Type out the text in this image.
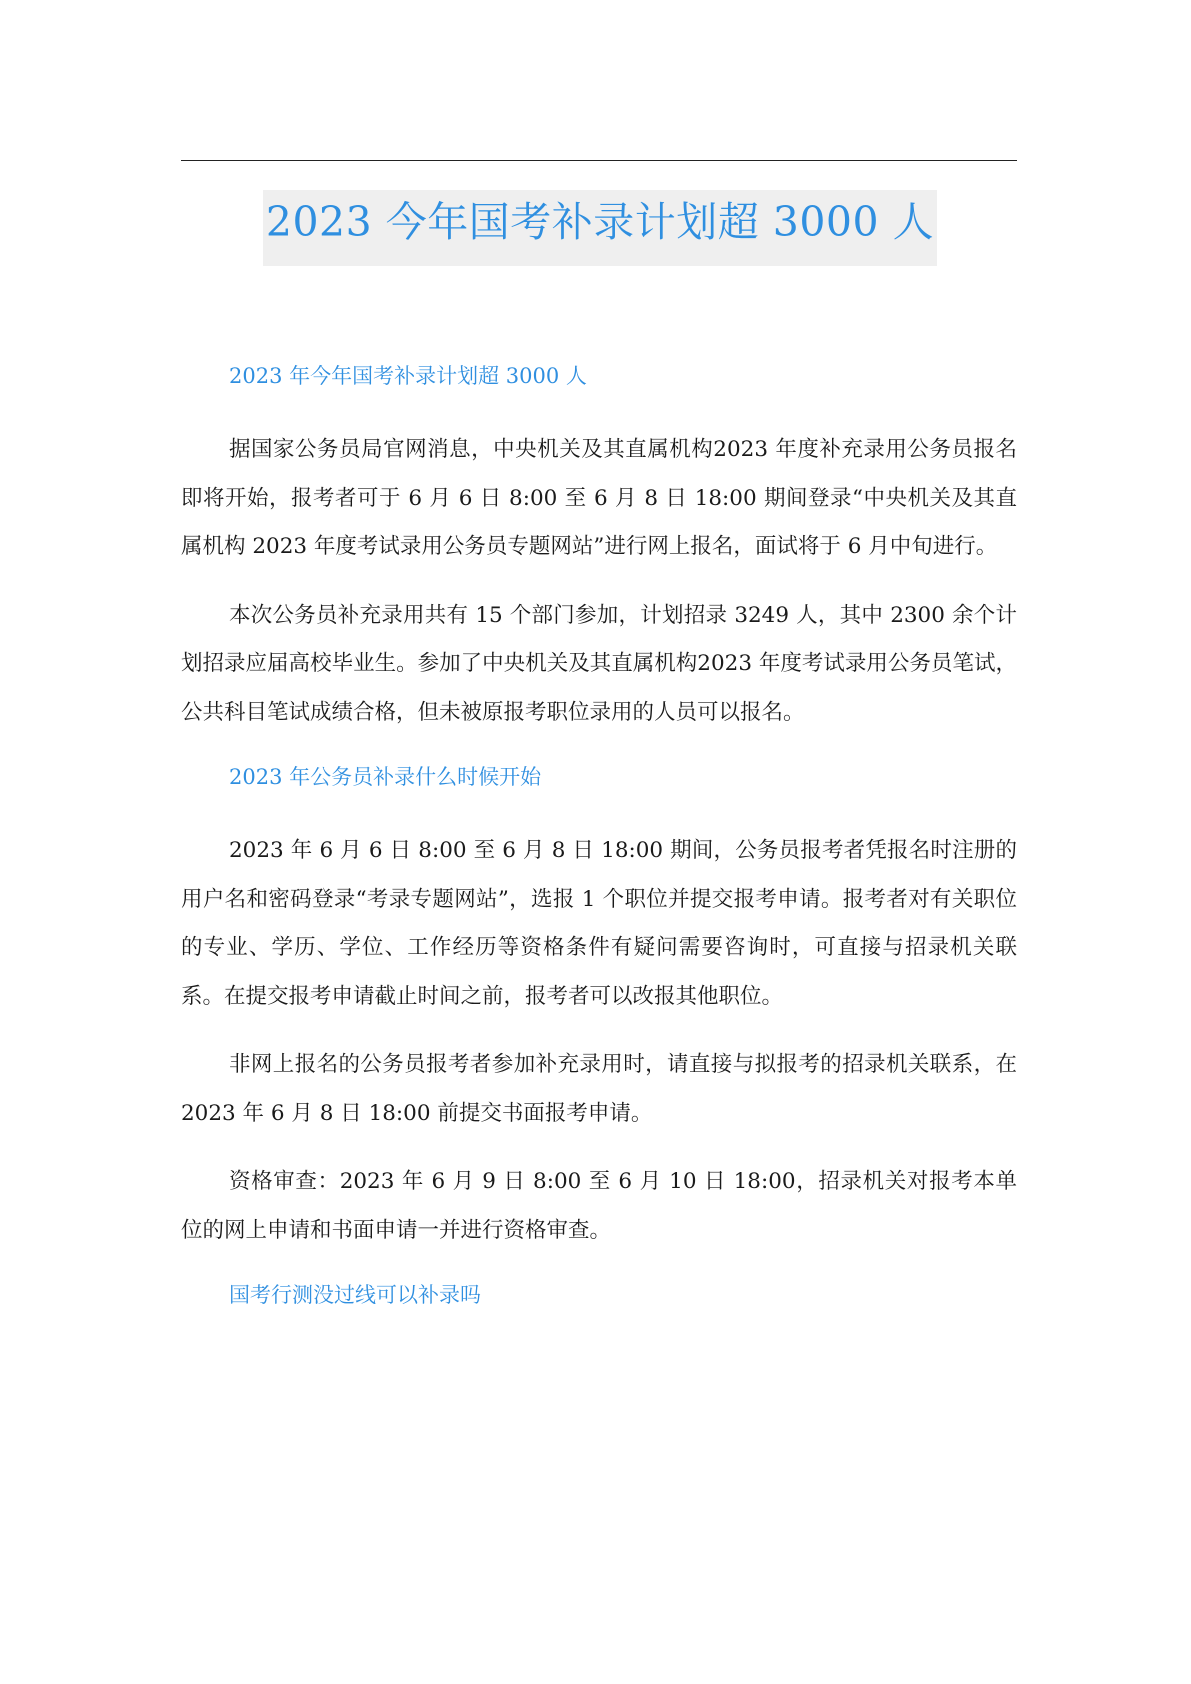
2023 今年国考补录计划超 3000 人

2023 年今年国考补录计划超 3000 人

据国家公务员局官网消息，中央机关及其直属机构2023 年度补充录用公务员报名即将开始，报考者可于 6 月 6 日 8:00 至 6 月 8 日 18:00 期间登录“中央机关及其直属机构 2023 年度考试录用公务员专题网站”进行网上报名，面试将于 6 月中旬进行。

本次公务员补充录用共有 15 个部门参加，计划招录 3249 人，其中 2300 余个计划招录应届高校毕业生。参加了中央机关及其直属机构2023 年度考试录用公务员笔试，公共科目笔试成绩合格，但未被原报考职位录用的人员可以报名。

2023 年公务员补录什么时候开始

2023 年 6 月 6 日 8:00 至 6 月 8 日 18:00 期间，公务员报考者凭报名时注册的用户名和密码登录“考录专题网站”，选报 1 个职位并提交报考申请。报考者对有关职位的专业、学历、学位、工作经历等资格条件有疑问需要咨询时，可直接与招录机关联系。在提交报考申请截止时间之前，报考者可以改报其他职位。

非网上报名的公务员报考者参加补充录用时，请直接与拟报考的招录机关联系，在 2023 年 6 月 8 日 18:00 前提交书面报考申请。

资格审查：2023 年 6 月 9 日 8:00 至 6 月 10 日 18:00，招录机关对报考本单位的网上申请和书面申请一并进行资格审查。

国考行测没过线可以补录吗
